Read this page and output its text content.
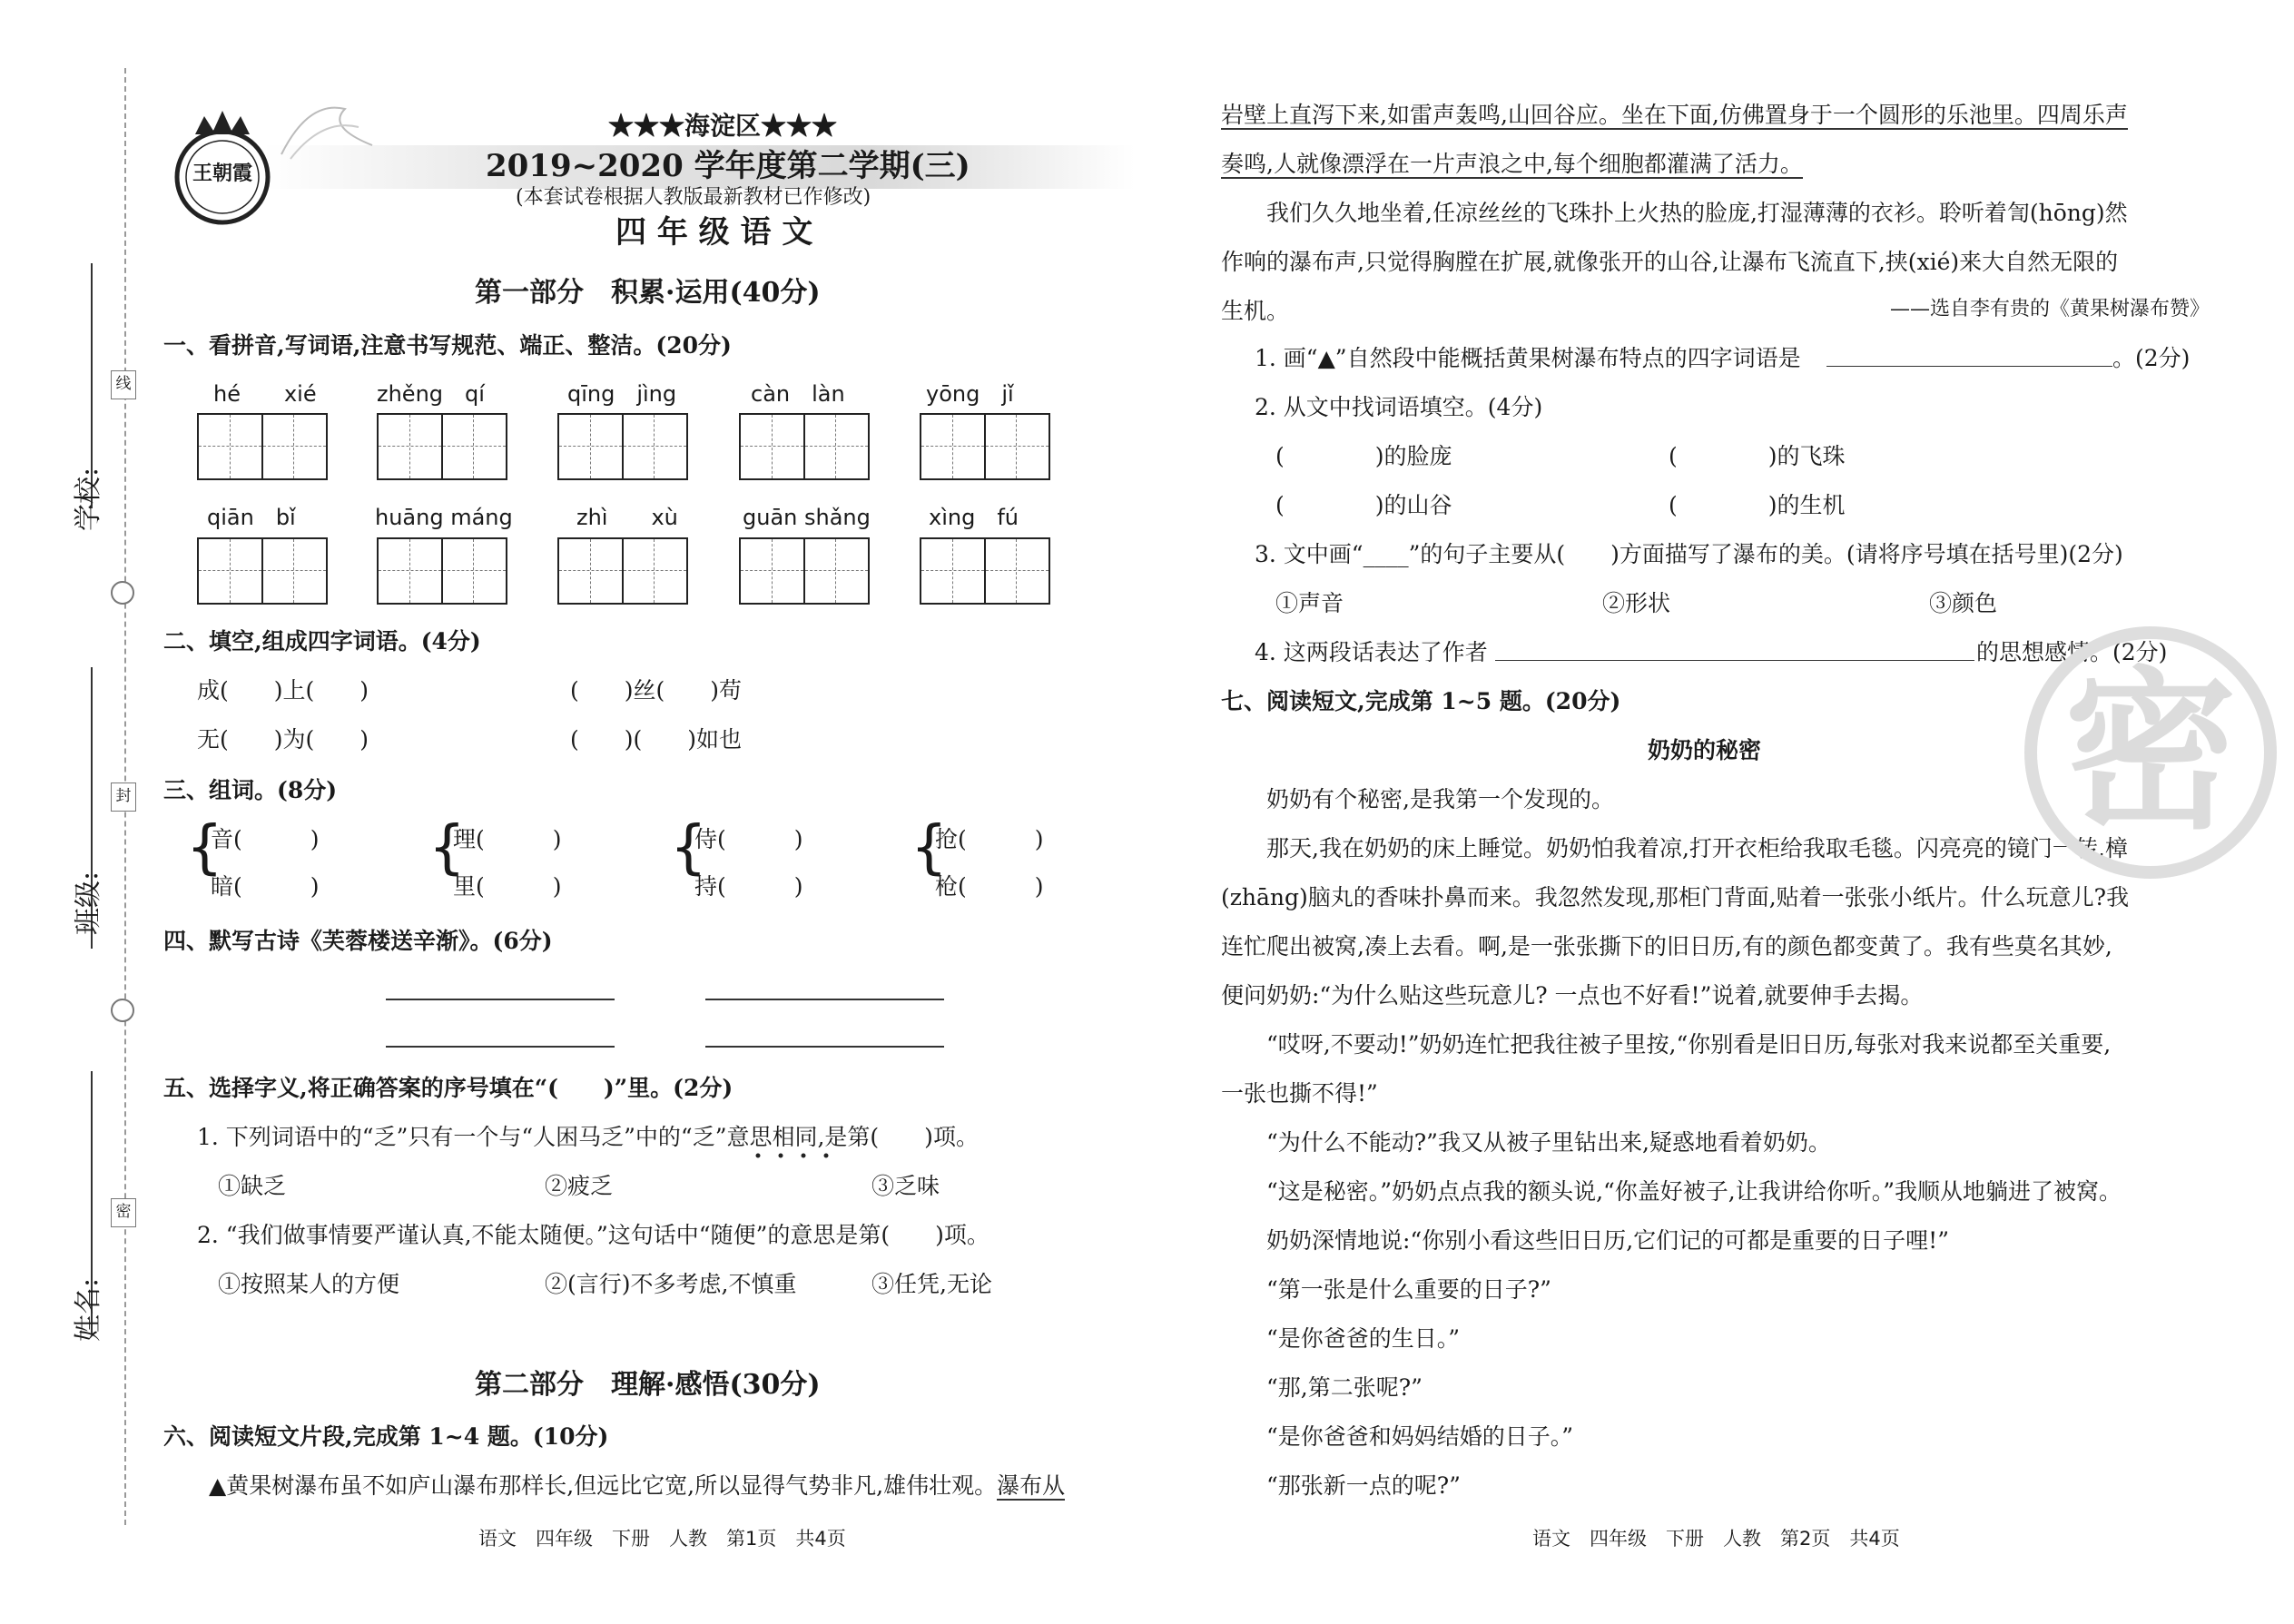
学校:
班级:
姓名:
线
封
密
王朝霞
★★★海淀区★★★
2019~2020 学年度第二学期(三)
(本套试卷根据人教版最新教材已作修改)
四 年 级 语 文
第一部分　积累·运用(40分)
一、看拼音,写词语,注意书写规范、端正、整洁。(20分)
hé　　xié	zhěng　qí	qīng　jìng	càn　làn	yōng　jǐ
qiān　bǐ	huāng máng	zhì　　xù	guān shǎng	xìng　fú
二、填空,组成四字词语。(4分)
成(　　)上(　　)	(　　)丝(　　)苟
无(　　)为(　　)	(　　)(　　)如也
三、组词。(8分)
{
音(　　　)
暗(　　　)
{
理(　　　)
里(　　　)
{
侍(　　　)
持(　　　)
{
抢(　　　)
枪(　　　)
四、默写古诗《芙蓉楼送辛渐》。(6分)
五、选择字义,将正确答案的序号填在“(　　)”里。(2分)
1. 下列词语中的“乏”只有一个与“人困马乏”中的“乏”意思相同,是第(　　)项。
①缺乏	②疲乏	③乏味
2. “我们做事情要严谨认真,不能太随便。”这句话中“随便”的意思是第(　　)项。
①按照某人的方便	②(言行)不多考虑,不慎重	③任凭,无论
第二部分　理解·感悟(30分)
六、阅读短文片段,完成第 1~4 题。(10分)
▲黄果树瀑布虽不如庐山瀑布那样长,但远比它宽,所以显得气势非凡,雄伟壮观。瀑布从
语文　四年级　下册　人教　第1页　共4页
岩壁上直泻下来,如雷声轰鸣,山回谷应。坐在下面,仿佛置身于一个圆形的乐池里。四周乐声
奏鸣,人就像漂浮在一片声浪之中,每个细胞都灌满了活力。
我们久久地坐着,任凉丝丝的飞珠扑上火热的脸庞,打湿薄薄的衣衫。聆听着訇(hōng)然
作响的瀑布声,只觉得胸膛在扩展,就像张开的山谷,让瀑布飞流直下,挟(xié)来大自然无限的
生机。	——选自李有贵的《黄果树瀑布赞》
1. 画“▲”自然段中能概括黄果树瀑布特点的四字词语是	。(2分)
2. 从文中找词语填空。(4分)
(　　　　)的脸庞	(　　　　)的飞珠
(　　　　)的山谷	(　　　　)的生机
3. 文中画“____”的句子主要从(　　)方面描写了瀑布的美。(请将序号填在括号里)(2分)
①声音	②形状	③颜色
4. 这两段话表达了作者	的思想感情。(2分)
七、阅读短文,完成第 1~5 题。(20分)
奶奶的秘密
　　奶奶有个秘密,是我第一个发现的。
　　那天,我在奶奶的床上睡觉。奶奶怕我着凉,打开衣柜给我取毛毯。闪亮亮的镜门一转,樟
(zhāng)脑丸的香味扑鼻而来。我忽然发现,那柜门背面,贴着一张张小纸片。什么玩意儿?我
连忙爬出被窝,凑上去看。啊,是一张张撕下的旧日历,有的颜色都变黄了。我有些莫名其妙,
便问奶奶:“为什么贴这些玩意儿? 一点也不好看!”说着,就要伸手去揭。
　　“哎呀,不要动!”奶奶连忙把我往被子里按,“你别看是旧日历,每张对我来说都至关重要,
一张也撕不得!”
　　“为什么不能动?”我又从被子里钻出来,疑惑地看着奶奶。
　　“这是秘密。”奶奶点点我的额头说,“你盖好被子,让我讲给你听。”我顺从地躺进了被窝。
　　奶奶深情地说:“你别小看这些旧日历,它们记的可都是重要的日子哩!”
　　“第一张是什么重要的日子?”
　　“是你爸爸的生日。”
　　“那,第二张呢?”
　　“是你爸爸和妈妈结婚的日子。”
　　“那张新一点的呢?”
语文　四年级　下册　人教　第2页　共4页
密
